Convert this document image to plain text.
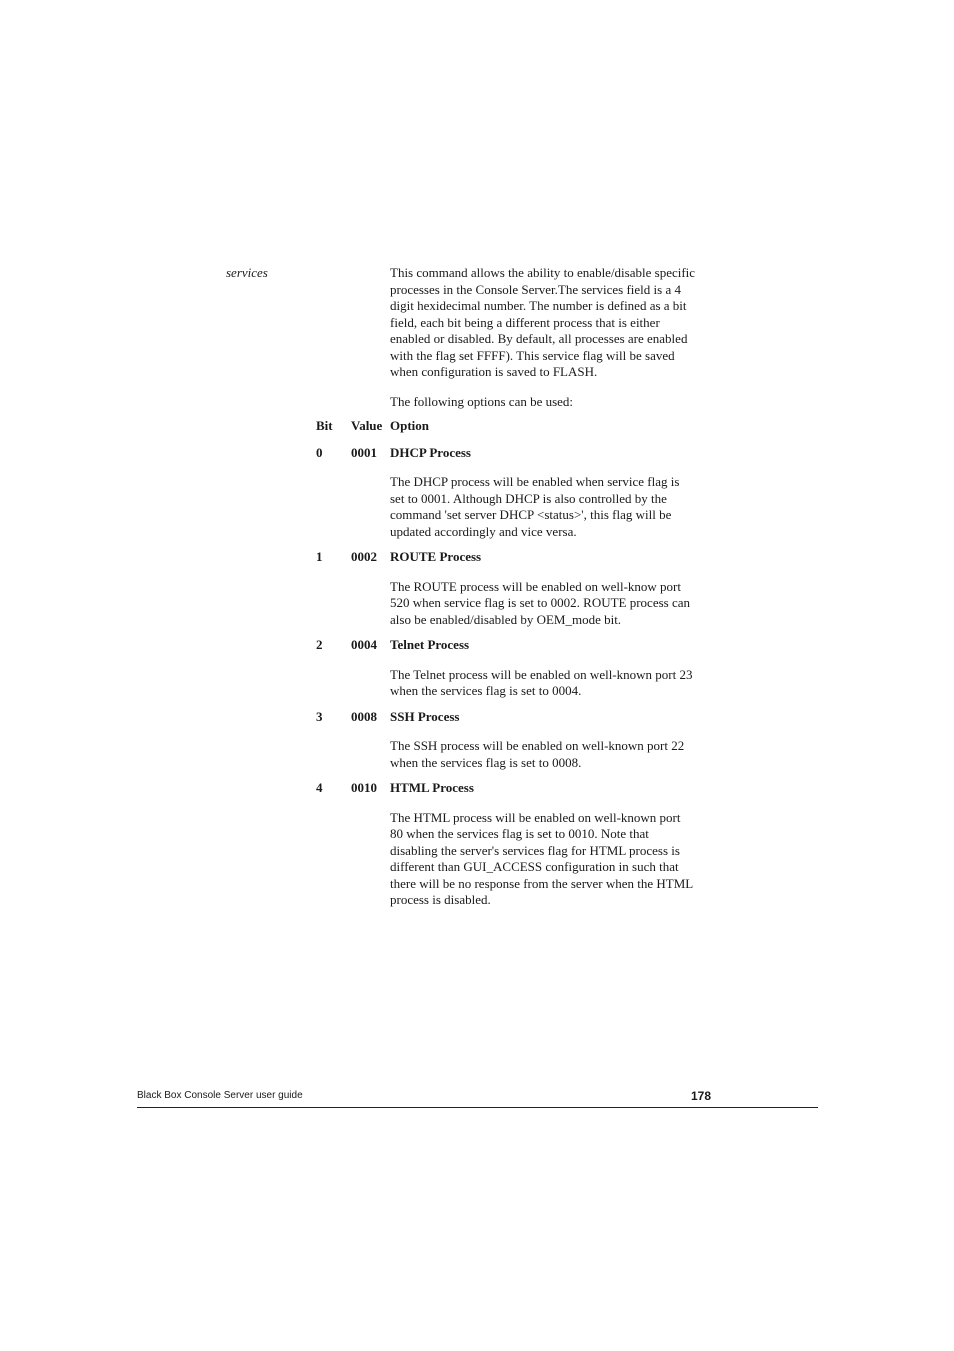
services	This command allows the ability to enable/disable specific processes in the Console Server.The services field is a 4 digit hexidecimal number. The number is defined as a bit field, each bit being a different process that is either enabled or disabled. By default, all processes are enabled with the flag set FFFF). This service flag will be saved when configuration is saved to FLASH.

The following options can be used:

Bit Value Option
0 0001 DHCP Process

The DHCP process will be enabled when service flag is set to 0001. Although DHCP is also controlled by the command 'set server DHCP <status>', this flag will be updated accordingly and vice versa.

1 0002 ROUTE Process

The ROUTE process will be enabled on well-know port 520 when service flag is set to 0002. ROUTE process can also be enabled/disabled by OEM_mode bit.

2 0004 Telnet Process

The Telnet process will be enabled on well-known port 23 when the services flag is set to 0004.

3 0008 SSH Process

The SSH process will be enabled on well-known port 22 when the services flag is set to 0008.

4 0010 HTML Process

The HTML process will be enabled on well-known port 80 when the services flag is set to 0010. Note that disabling the server's services flag for HTML process is different than GUI_ACCESS configuration in such that there will be no response from the server when the HTML process is disabled.

Black Box Console Server user guide	178
